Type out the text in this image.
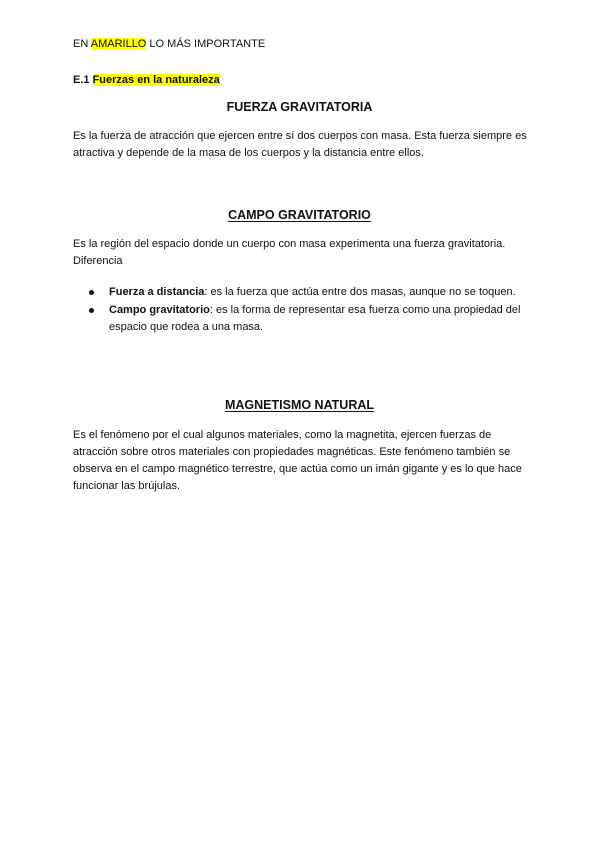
EN AMARILLO LO MÁS IMPORTANTE
E.1 Fuerzas en la naturaleza
FUERZA GRAVITATORIA
Es la fuerza de atracción que ejercen entre sí dos cuerpos con masa. Esta fuerza siempre es atractiva y depende de la masa de los cuerpos y la distancia entre ellos.
CAMPO GRAVITATORIO
Es la región del espacio donde un cuerpo con masa experimenta una fuerza gravitatoria. Diferencia
Fuerza a distancia: es la fuerza que actúa entre dos masas, aunque no se toquen.
Campo gravitatorio: es la forma de representar esa fuerza como una propiedad del espacio que rodea a una masa.
MAGNETISMO NATURAL
Es el fenómeno por el cual algunos materiales, como la magnetita, ejercen fuerzas de atracción sobre otros materiales con propiedades magnéticas. Este fenómeno también se observa en el campo magnético terrestre, que actúa como un imán gigante y es lo que hace funcionar las brújulas.
